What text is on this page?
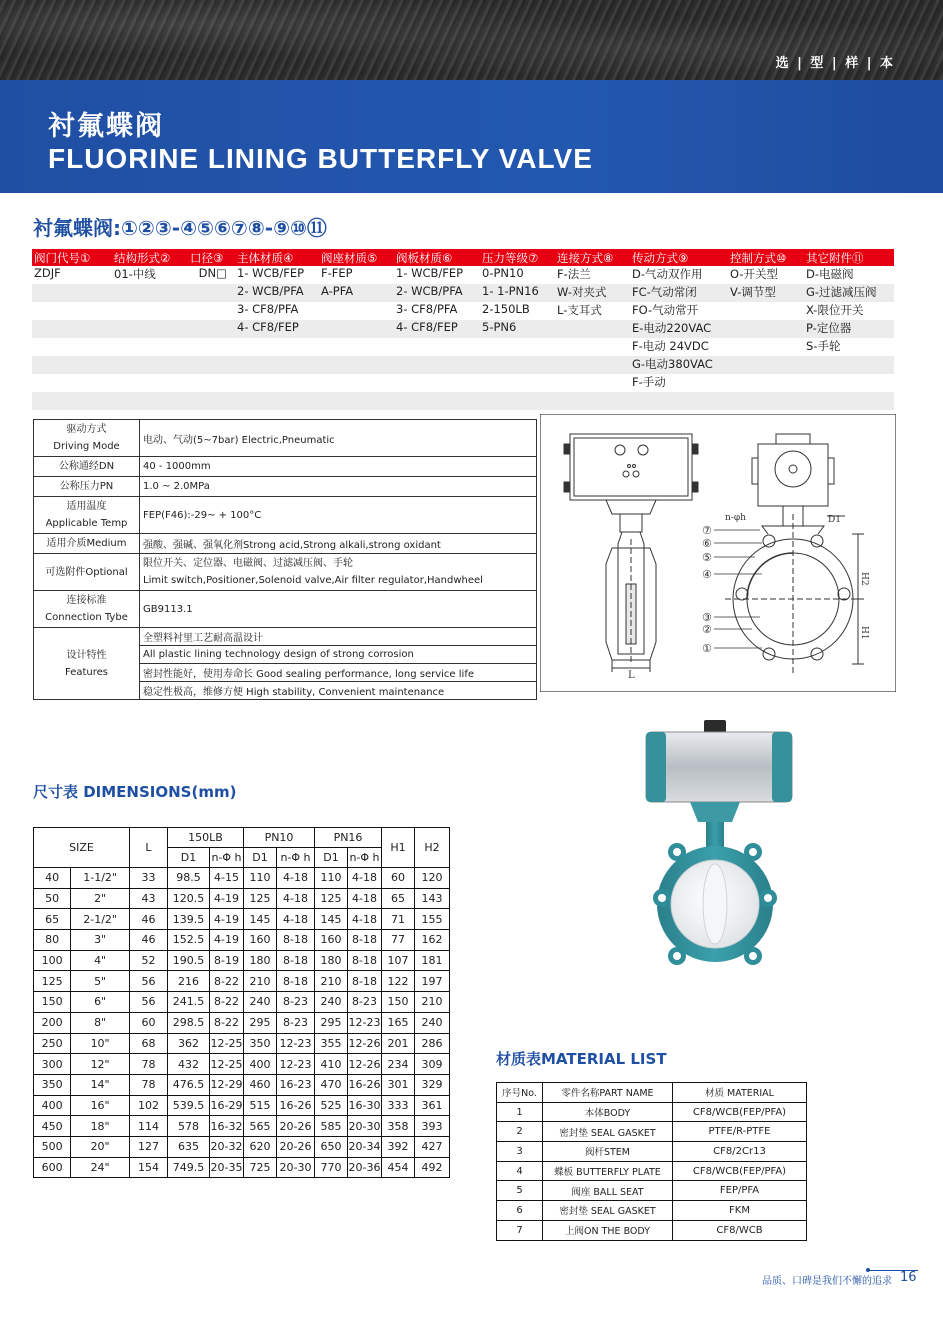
选 | 型 | 样 | 本
衬氟蝶阀
FLUORINE LINING BUTTERFLY VALVE
衬氟蝶阀:①②③-④⑤⑥⑦⑧-⑨⑩⑪
阀门代号①	结构形式②	口径③	主体材质④	阀座材质⑤	阀板材质⑥	压力等级⑦	连接方式⑧	传动方式⑨	控制方式⑩	其它附件⑪
ZDJF	01-中线	DN□	1- WCB/FEP	F-FEP	1- WCB/FEP	0-PN10	F-法兰	D-气动双作用	O-开关型	D-电磁阀
			2- WCB/PFA	A-PFA	2- WCB/PFA	1- 1-PN16	W-对夹式	FC-气动常闭	V-调节型	G-过滤减压阀
			3- CF8/PFA		3- CF8/PFA	2-150LB	L-支耳式	FO-气动常开		X-限位开关
			4- CF8/FEP		4- CF8/FEP	5-PN6		E-电动220VAC		P-定位器
								F-电动 24VDC		S-手轮
								G-电动380VAC		
								F-手动		

驱动方式
Driving Mode	电动、气动(5~7bar) Electric,Pneumatic
公称通经DN	40 - 1000mm
公称压力PN	1.0 ~ 2.0MPa

适用温度
Applicable Temp	FEP(F46):-29~ + 100°C
适用介质Medium	强酸、强碱、强氧化剂Strong acid,Strong alkali,strong oxidant
可选附件Optional	限位开关、定位器、电磁阀、过滤减压阀、手轮
Limit switch,Positioner,Solenoid valve,Air filter regulator,Handwheel

连接标准
Connection Tybe	GB9113.1

设计特性
Features	全塑料衬里工艺耐高温设计
	All plastic lining technology design of strong corrosion
	密封性能好，使用寿命长 Good sealing performance, long service life
	稳定性极高，维修方便 High stability, Convenient maintenance
L
n-φh	D1
H2
H1
⑦
⑥
⑤
④
③
②
①
尺寸表 DIMENSIONS(mm)
SIZE		L	150LB		PN10		PN16		H1	H2
			D1	n-Φ h	D1	n-Φ h	D1	n-Φ h		
40	1-1/2"	33	98.5	4-15	110	4-18	110	4-18	60	120
50	2"	43	120.5	4-19	125	4-18	125	4-18	65	143
65	2-1/2"	46	139.5	4-19	145	4-18	145	4-18	71	155
80	3"	46	152.5	4-19	160	8-18	160	8-18	77	162
100	4"	52	190.5	8-19	180	8-18	180	8-18	107	181
125	5"	56	216	8-22	210	8-18	210	8-18	122	197
150	6"	56	241.5	8-22	240	8-23	240	8-23	150	210
200	8"	60	298.5	8-22	295	8-23	295	12-23	165	240
250	10"	68	362	12-25	350	12-23	355	12-26	201	286
300	12"	78	432	12-25	400	12-23	410	12-26	234	309
350	14"	78	476.5	12-29	460	16-23	470	16-26	301	329
400	16"	102	539.5	16-29	515	16-26	525	16-30	333	361
450	18"	114	578	16-32	565	20-26	585	20-30	358	393
500	20"	127	635	20-32	620	20-26	650	20-34	392	427
600	24"	154	749.5	20-35	725	20-30	770	20-36	454	492
材质表MATERIAL LIST
序号No.	零件名称PART NAME	材质 MATERIAL
1	本体BODY	CF8/WCB(FEP/PFA)
2	密封垫 SEAL GASKET	PTFE/R-PTFE
3	阀杆STEM	CF8/2Cr13
4	蝶板 BUTTERFLY PLATE	CF8/WCB(FEP/PFA)
5	阀座 BALL SEAT	FEP/PFA
6	密封垫 SEAL GASKET	FKM
7	上阀ON THE BODY	CF8/WCB
品质、口碑是我们不懈的追求 16
